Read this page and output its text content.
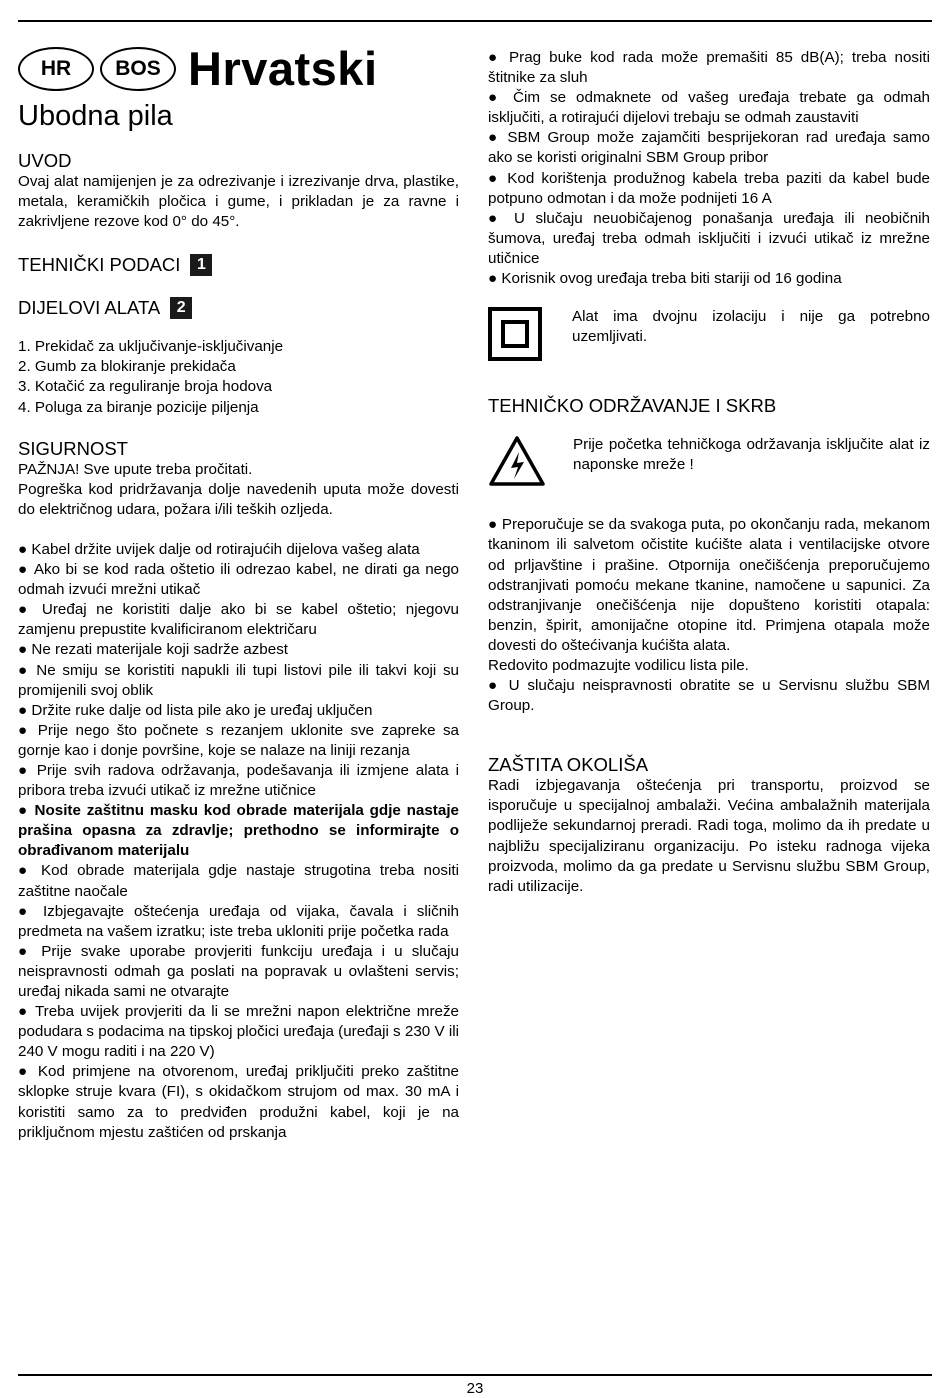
HR	BOS Hrvatski
Ubodna pila
UVOD

Ovaj alat namijenjen je za odrezivanje i izrezivanje drva, plastike, metala, keramičkih pločica i gume, i prikladan je za ravne i zakrivljene rezove kod 0° do 45°.

TEHNIČKI PODACI	1
DIJELOVI ALATA	2

1. Prekidač za uključivanje-isključivanje

2. Gumb za blokiranje prekidača

3. Kotačić za reguliranje broja hodova

4. Poluga za biranje pozicije piljenja

SIGURNOST

PAŽNJA! Sve upute treba pročitati.

Pogreška kod pridržavanja dolje navedenih uputa može dovesti do električnog udara, požara i/ili teških ozljeda.

● Kabel držite uvijek dalje od rotirajućih dijelova vašeg alata

● Ako bi se kod rada oštetio ili odrezao kabel, ne dirati ga nego odmah izvući mrežni utikač

● Uređaj ne koristiti dalje ako bi se kabel oštetio; njegovu zamjenu prepustite kvalificiranom električaru

● Ne rezati materijale koji sadrže azbest

● Ne smiju se koristiti napukli ili tupi listovi pile ili takvi koji su promijenili svoj oblik

● Držite ruke dalje od lista pile ako je uređaj uključen

● Prije nego što počnete s rezanjem uklonite sve zapreke sa gornje kao i donje površine, koje se nalaze na liniji rezanja

● Prije svih radova održavanja, podešavanja ili izmjene alata i pribora treba izvući utikač iz mrežne utičnice

● Nosite zaštitnu masku kod obrade materijala gdje nastaje prašina opasna za zdravlje; prethodno se informirajte o obrađivanom materijalu

● Kod obrade materijala gdje nastaje strugotina treba nositi zaštitne naočale

● Izbjegavajte oštećenja uređaja od vijaka, čavala i sličnih predmeta na vašem izratku; iste treba ukloniti prije početka rada

● Prije svake uporabe provjeriti funkciju uređaja i u slučaju neispravnosti odmah ga poslati na popravak u ovlašteni servis; uređaj nikada sami ne otvarajte

● Treba uvijek provjeriti da li se mrežni napon električne mreže podudara s podacima na tipskoj pločici uređaja (uređaji s 230 V ili 240 V mogu raditi i na 220 V)

● Kod primjene na otvorenom, uređaj priključiti preko zaštitne sklopke struje kvara (FI), s okidačkom strujom od max. 30 mA i koristiti samo za to predviđen produžni kabel, koji je na priključnom mjestu zaštićen od prskanja

● Prag buke kod rada može premašiti 85 dB(A); treba nositi štitnike za sluh

● Čim se odmaknete od vašeg uređaja trebate ga odmah isključiti, a rotirajući dijelovi trebaju se odmah zaustaviti

● SBM Group može zajamčiti besprijekoran rad uređaja samo ako se koristi originalni SBM Group pribor

● Kod korištenja produžnog kabela treba paziti da kabel bude potpuno odmotan i da može podnijeti 16 A

● U slučaju neuobičajenog ponašanja uređaja ili neobičnih šumova, uređaj treba odmah isključiti i izvući utikač iz mrežne utičnice

● Korisnik ovog uređaja treba biti stariji od 16 godina

Alat ima dvojnu izolaciju i nije ga potrebno uzemljivati.

TEHNIČKO ODRŽAVANJE I SKRB

Prije početka tehničkoga održavanja isključite alat iz naponske mreže !

● Preporučuje se da svakoga puta, po okončanju rada, mekanom tkaninom ili salvetom očistite kućište alata i ventilacijske otvore od prljavštine i prašine. Otpornija onečišćenja preporučujemo odstranjivati pomoću mekane tkanine, namočene u sapunici. Za odstranjivanje onečišćenja nije dopušteno koristiti otapala: benzin, špirit, amonijačne otopine itd. Primjena otapala može dovesti do oštećivanja kućišta alata.

Redovito podmazujte vodilicu lista pile.

● U slučaju neispravnosti obratite se u Servisnu službu SBM Group.

ZAŠTITA OKOLIŠA

Radi izbjegavanja oštećenja pri transportu, proizvod se isporučuje u specijalnoj ambalaži. Većina ambalažnih materijala podliježe sekundarnoj preradi. Radi toga, molimo da ih predate u najbližu specijaliziranu organizaciju. Po isteku radnoga vijeka proizvoda, molimo da ga predate u Servisnu službu SBM Group, radi utilizacije.

23
